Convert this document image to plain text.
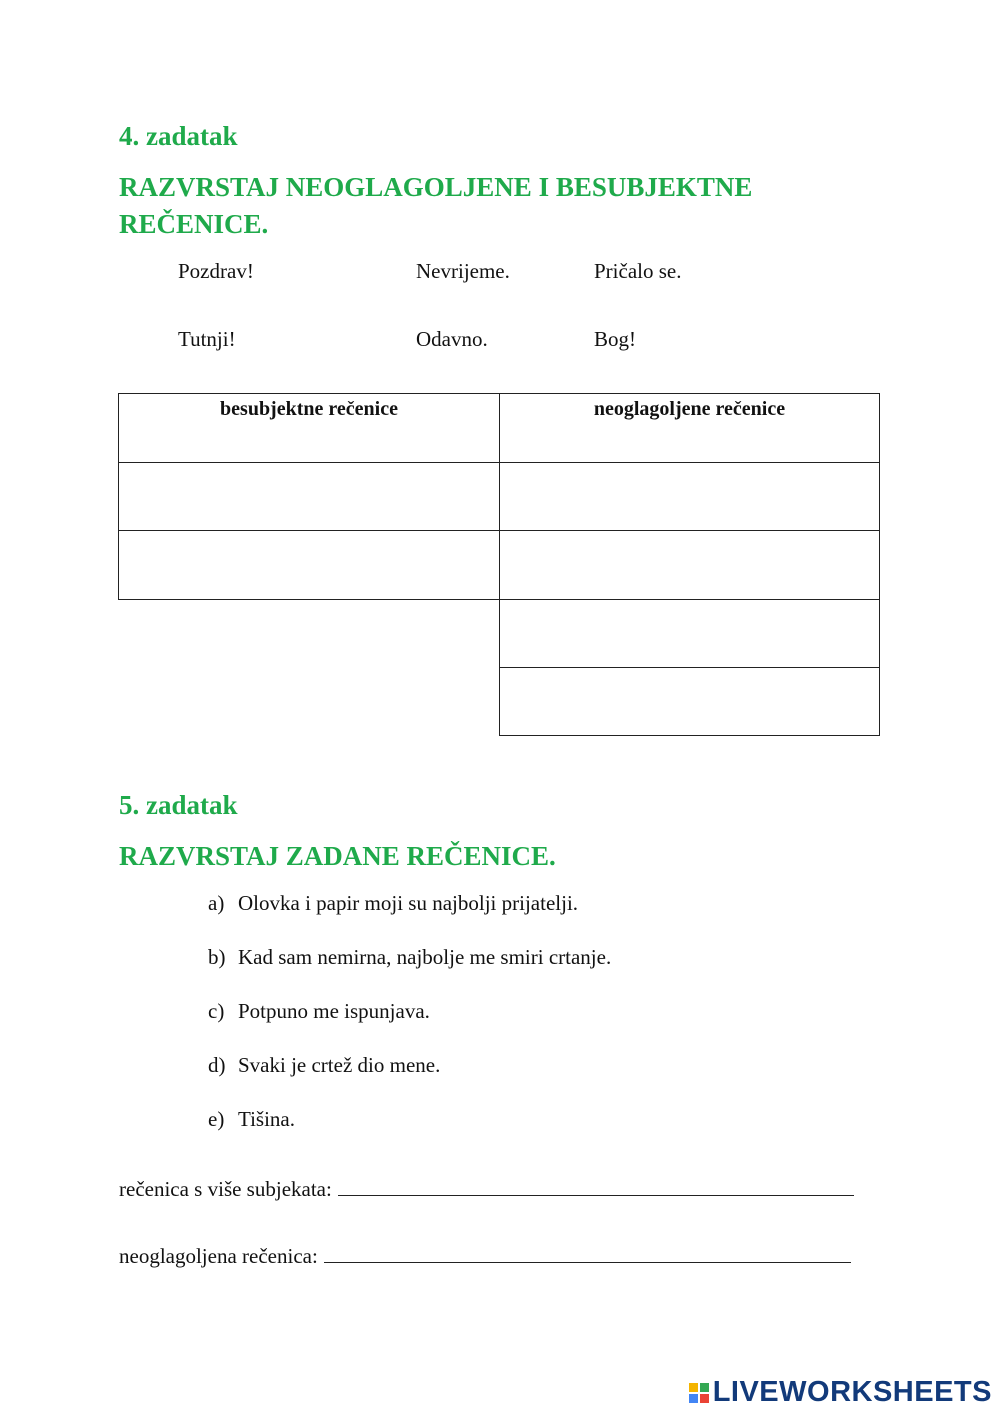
4. zadatak
RAZVRSTAJ NEOGLAGOLJENE I BESUBJEKTNE REČENICE.
Pozdrav!	Nevrijeme.	Pričalo se.
Tutnji!	Odavno.	Bog!
besubjektne rečenice	neoglagoljene rečenice
5. zadatak
RAZVRSTAJ ZADANE REČENICE.
a) Olovka i papir moji su najbolji prijatelji.
b) Kad sam nemirna, najbolje me smiri crtanje.
c) Potpuno me ispunjava.
d) Svaki je crtež dio mene.
e) Tišina.
rečenica s više subjekata:
neoglagoljena rečenica:
LIVEWORKSHEETS
